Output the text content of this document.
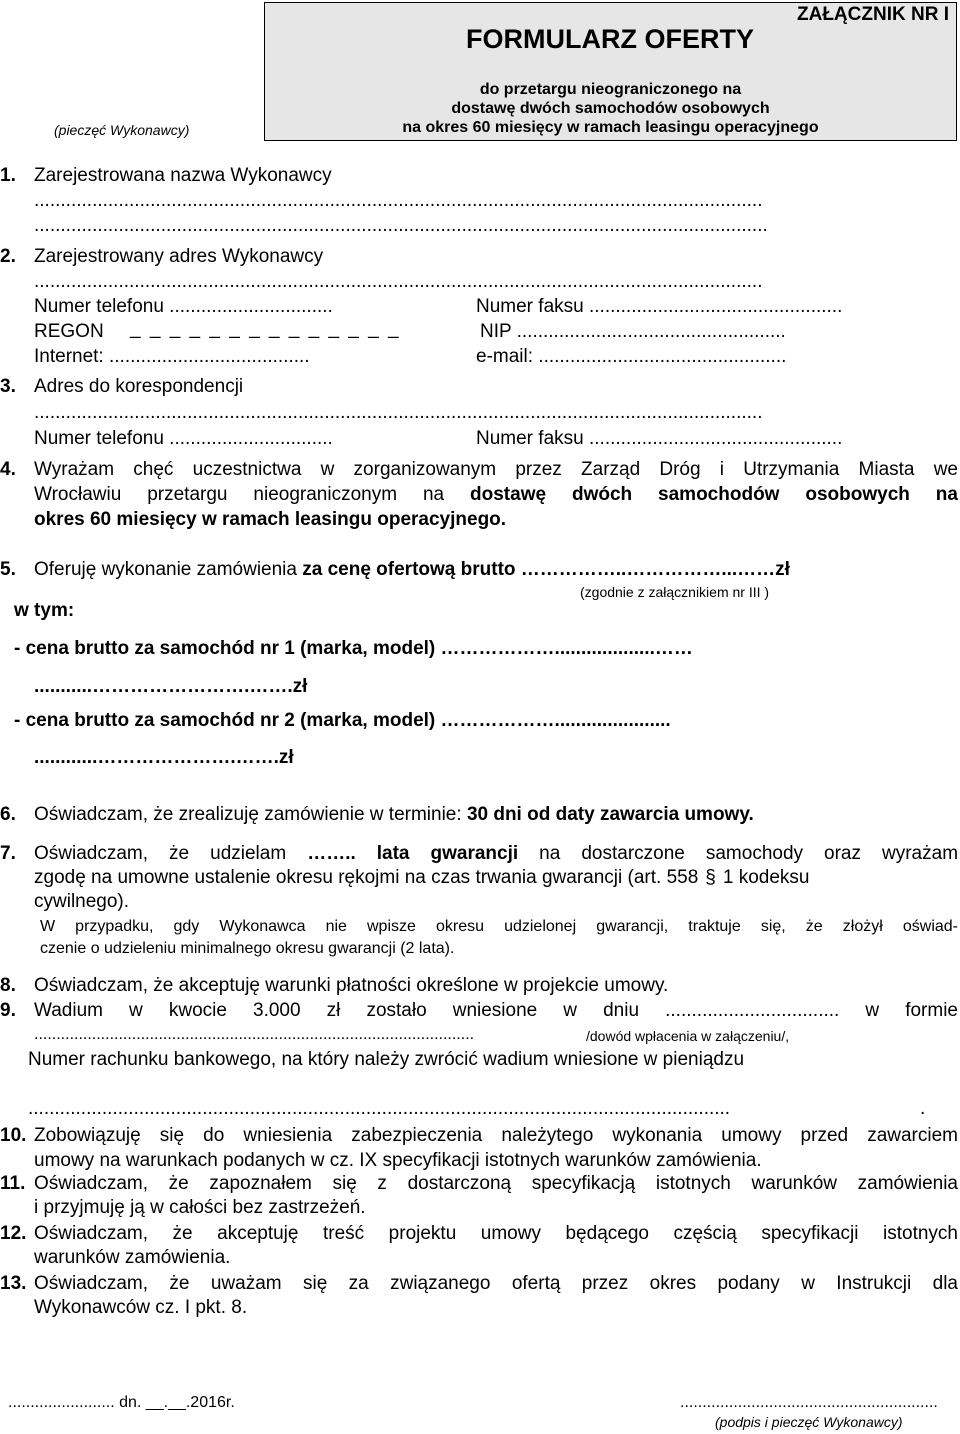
ZAŁĄCZNIK NR I
FORMULARZ OFERTY
do przetargu nieograniczonego na
dostawę dwóch samochodów osobowych
na okres 60 miesięcy w ramach leasingu operacyjnego
(pieczęć Wykonawcy)
1. Zarejestrowana nazwa Wykonawcy
..........................................................................................................................................
...........................................................................................................................................
2. Zarejestrowany adres Wykonawcy
..........................................................................................................................................
Numer telefonu ...............................	Numer faksu ................................................
REGON _ _ _ _ _ _ _ _ _ _ _ _ _ _	NIP ...................................................
Internet: ......................................	e-mail: ...............................................
3. Adres do korespondencji
..........................................................................................................................................
Numer telefonu ...............................	Numer faksu ................................................
4. Wyrażam chęć uczestnictwa w zorganizowanym przez Zarząd Dróg i Utrzymania Miasta we
Wrocławiu przetargu nieograniczonym na dostawę dwóch samochodów osobowych na
okres 60 miesięcy w ramach leasingu operacyjnego.
5. Oferuję wykonanie zamówienia za cenę ofertową brutto ……………..……………...……zł
(zgodnie z załącznikiem nr III )
w tym:
- cena brutto za samochód nr 1 (marka, model) ………………...................……
...........…………………….…….zł
- cena brutto za samochód nr 2 (marka, model) ………………......................
............………………….…….zł
6. Oświadczam, że zrealizuję zamówienie w terminie: 30 dni od daty zawarcia umowy.
7. Oświadczam, że udzielam …….. lata gwarancji na dostarczone samochody oraz wyrażam
zgodę na umowne ustalenie okresu rękojmi na czas trwania gwarancji (art. 558 § 1 kodeksu
cywilnego).
W przypadku, gdy Wykonawca nie wpisze okresu udzielonej gwarancji, traktuje się, że złożył oświad-
czenie o udzieleniu minimalnego okresu gwarancji (2 lata).
8. Oświadczam, że akceptuję warunki płatności określone w projekcie umowy.
9. Wadium w kwocie 3.000 zł zostało wniesione w dniu ................................. w formie
...................................................................................................	/dowód wpłacenia w załączeniu/,
Numer rachunku bankowego, na który należy zwrócić wadium wniesione w pieniądzu
.....................................................................................................................................	.
10. Zobowiązuję się do wniesienia zabezpieczenia należytego wykonania umowy przed zawarciem
umowy na warunkach podanych w cz. IX specyfikacji istotnych warunków zamówienia.
11. Oświadczam, że zapoznałem się z dostarczoną specyfikacją istotnych warunków zamówienia
i przyjmuję ją w całości bez zastrzeżeń.
12. Oświadczam, że akceptuję treść projektu umowy będącego częścią specyfikacji istotnych
warunków zamówienia.
13. Oświadczam, że uważam się za związanego ofertą przez okres podany w Instrukcji dla
Wykonawców cz. I pkt. 8.
........................ dn. __.__.2016r.	..........................................................
(podpis i pieczęć Wykonawcy)
